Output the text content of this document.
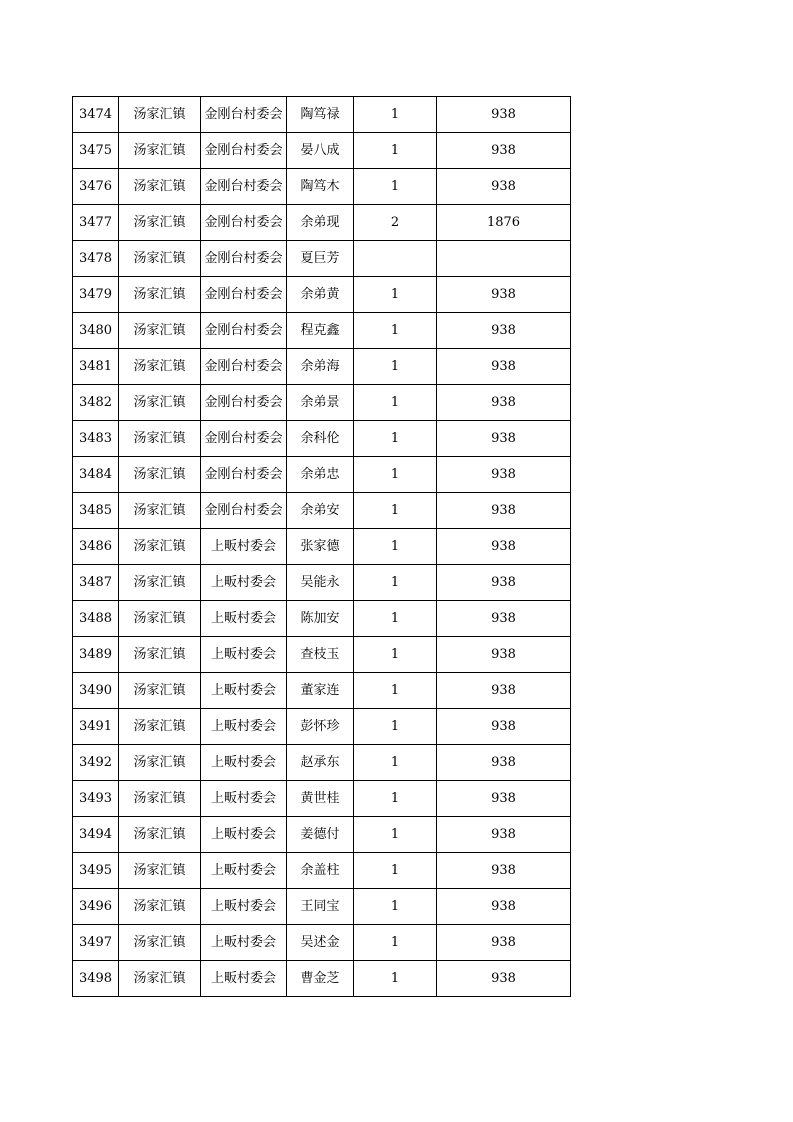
3474	汤家汇镇	金刚台村委会	陶笃禄	1	938
3475	汤家汇镇	金刚台村委会	晏八成	1	938
3476	汤家汇镇	金刚台村委会	陶笃木	1	938
3477	汤家汇镇	金刚台村委会	余弟现	2	1876
3478	汤家汇镇	金刚台村委会	夏巨芳		
3479	汤家汇镇	金刚台村委会	余弟黄	1	938
3480	汤家汇镇	金刚台村委会	程克鑫	1	938
3481	汤家汇镇	金刚台村委会	余弟海	1	938
3482	汤家汇镇	金刚台村委会	余弟景	1	938
3483	汤家汇镇	金刚台村委会	余科伦	1	938
3484	汤家汇镇	金刚台村委会	余弟忠	1	938
3485	汤家汇镇	金刚台村委会	余弟安	1	938
3486	汤家汇镇	上畈村委会	张家德	1	938
3487	汤家汇镇	上畈村委会	吴能永	1	938
3488	汤家汇镇	上畈村委会	陈加安	1	938
3489	汤家汇镇	上畈村委会	查枝玉	1	938
3490	汤家汇镇	上畈村委会	董家连	1	938
3491	汤家汇镇	上畈村委会	彭怀珍	1	938
3492	汤家汇镇	上畈村委会	赵承东	1	938
3493	汤家汇镇	上畈村委会	黄世桂	1	938
3494	汤家汇镇	上畈村委会	姜德付	1	938
3495	汤家汇镇	上畈村委会	余盖柱	1	938
3496	汤家汇镇	上畈村委会	王同宝	1	938
3497	汤家汇镇	上畈村委会	吴述金	1	938
3498	汤家汇镇	上畈村委会	曹金芝	1	938
